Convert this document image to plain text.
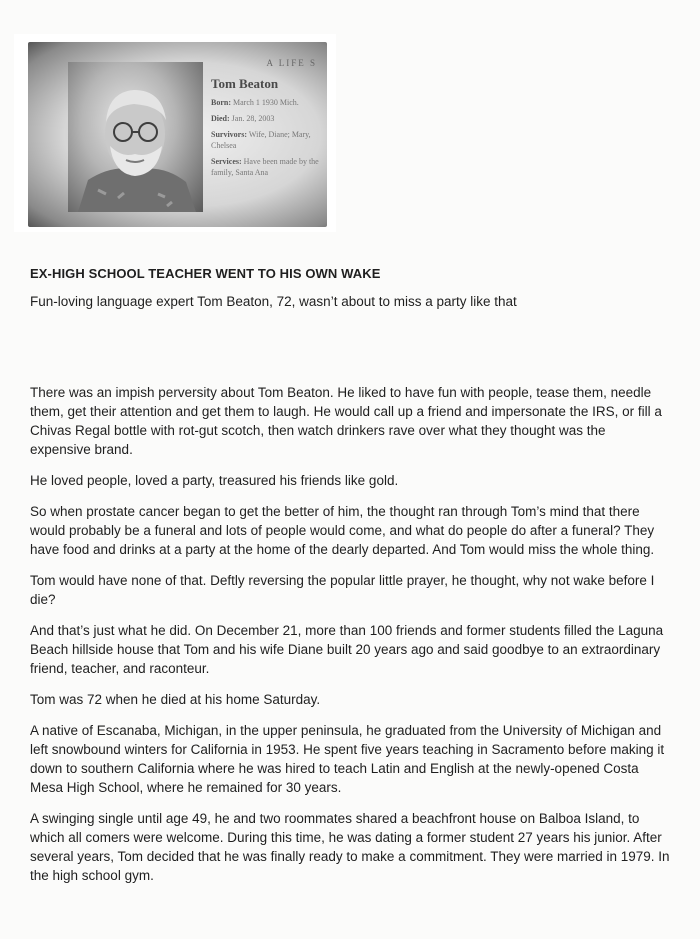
A LIFE S
Tom Beaton
Born: March 1 1930 Mich.
Died: Jan. 28, 2003
Survivors: Wife, Diane; Mary, Chelsea
Services: Have been made by the family, Santa Ana

EX-HIGH SCHOOL TEACHER WENT TO HIS OWN WAKE

Fun-loving language expert Tom Beaton, 72, wasn’t about to miss a party like that

There was an impish perversity about Tom Beaton. He liked to have fun with people, tease them, needle them, get their attention and get them to laugh. He would call up a friend and impersonate the IRS, or fill a Chivas Regal bottle with rot-gut scotch, then watch drinkers rave over what they thought was the expensive brand.

He loved people, loved a party, treasured his friends like gold.

So when prostate cancer began to get the better of him, the thought ran through Tom’s mind that there would probably be a funeral and lots of people would come, and what do people do after a funeral? They have food and drinks at a party at the home of the dearly departed. And Tom would miss the whole thing.

Tom would have none of that. Deftly reversing the popular little prayer, he thought, why not wake before I die?

And that’s just what he did. On December 21, more than 100 friends and former students filled the Laguna Beach hillside house that Tom and his wife Diane built 20 years ago and said goodbye to an extraordinary friend, teacher, and raconteur.

Tom was 72 when he died at his home Saturday.

A native of Escanaba, Michigan, in the upper peninsula, he graduated from the University of Michigan and left snowbound winters for California in 1953. He spent five years teaching in Sacramento before making it down to southern California where he was hired to teach Latin and English at the newly-opened Costa Mesa High School, where he remained for 30 years.

A swinging single until age 49, he and two roommates shared a beachfront house on Balboa Island, to which all comers were welcome. During this time, he was dating a former student 27 years his junior. After several years, Tom decided that he was finally ready to make a commitment. They were married in 1979. In the high school gym.
